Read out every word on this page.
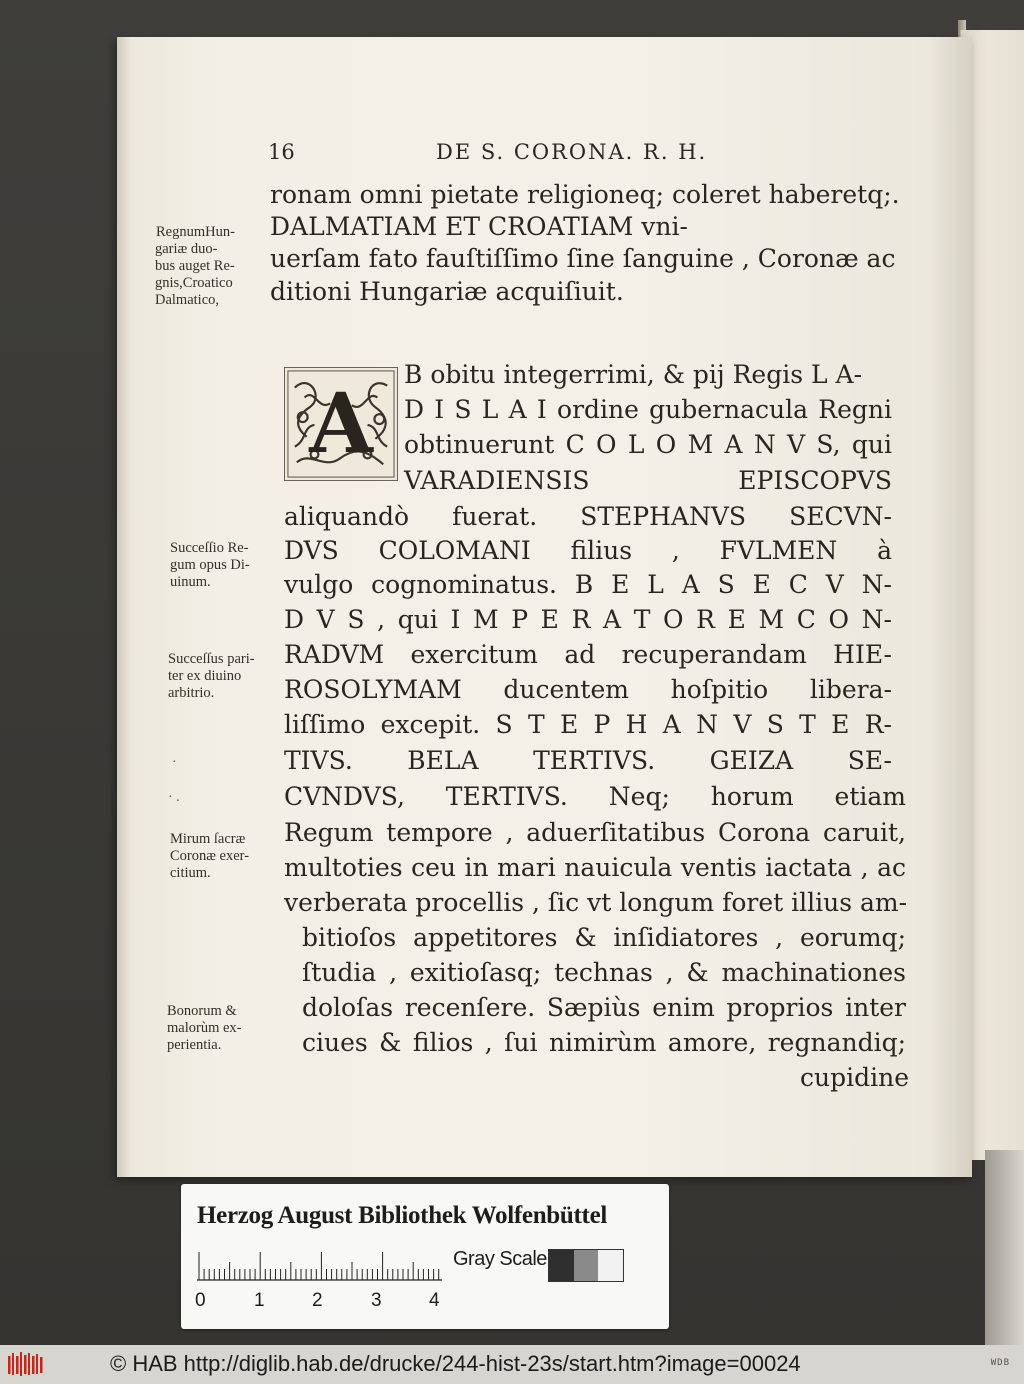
16	DE S. CORONA. R. H.
A
ronam omni pietate religioneq; coleret haberetq;.
DALMATIAM ET CROATIAM vni-
uerſam fato fauſtiſſimo ſine ſanguine , Coronæ ac
ditioni Hungariæ acquiſiuit.
B obitu integerrimi, & pij Regis L A-
D I S L A I ordine gubernacula Regni
obtinuerunt C O L O M A N V S, qui
VARADIENSIS EPISCOPVS
aliquandò fuerat. STEPHANVS SECVN-
DVS COLOMANI filius , FVLMEN à
vulgo cognominatus. B E L A S E C V N-
D V S , qui I M P E R A T O R E M C O N-
RADVM exercitum ad recuperandam HIE-
ROSOLYMAM ducentem hoſpitio libera-
liſſimo excepit. S T E P H A N V S T E R-
TIVS. BELA TERTIVS. GEIZA SE-
CVNDVS, TERTIVS. Neq; horum etiam
Regum tempore , aduerſitatibus Corona caruit,
multoties ceu in mari nauicula ventis iactata , ac
verberata procellis , ſic vt longum foret illius am-
bitioſos appetitores & inſidiatores , eorumq;
ſtudia , exitioſasq; technas , & machinationes
doloſas recenſere. Sæpiùs enim proprios inter
ciues & filios , ſui nimirùm amore, regnandiq;
cupidine
RegnumHun-
gariæ duo-
bus auget Re-
gnis,Croatico
Dalmatico,
Succeſſio Re-
gum opus Di-
uinum.
Succeſſus pari-
ter ex diuino
arbitrio.
Mirum ſacræ
Coronæ exer-
citium.
Bonorum &
malorùm ex-
perientia.
·
· .
Herzog August Bibliothek Wolfenbüttel
0	1 2	3 4
Gray Scale
© HAB http://diglib.hab.de/drucke/244-hist-23s/start.htm?image=00024	WDB
